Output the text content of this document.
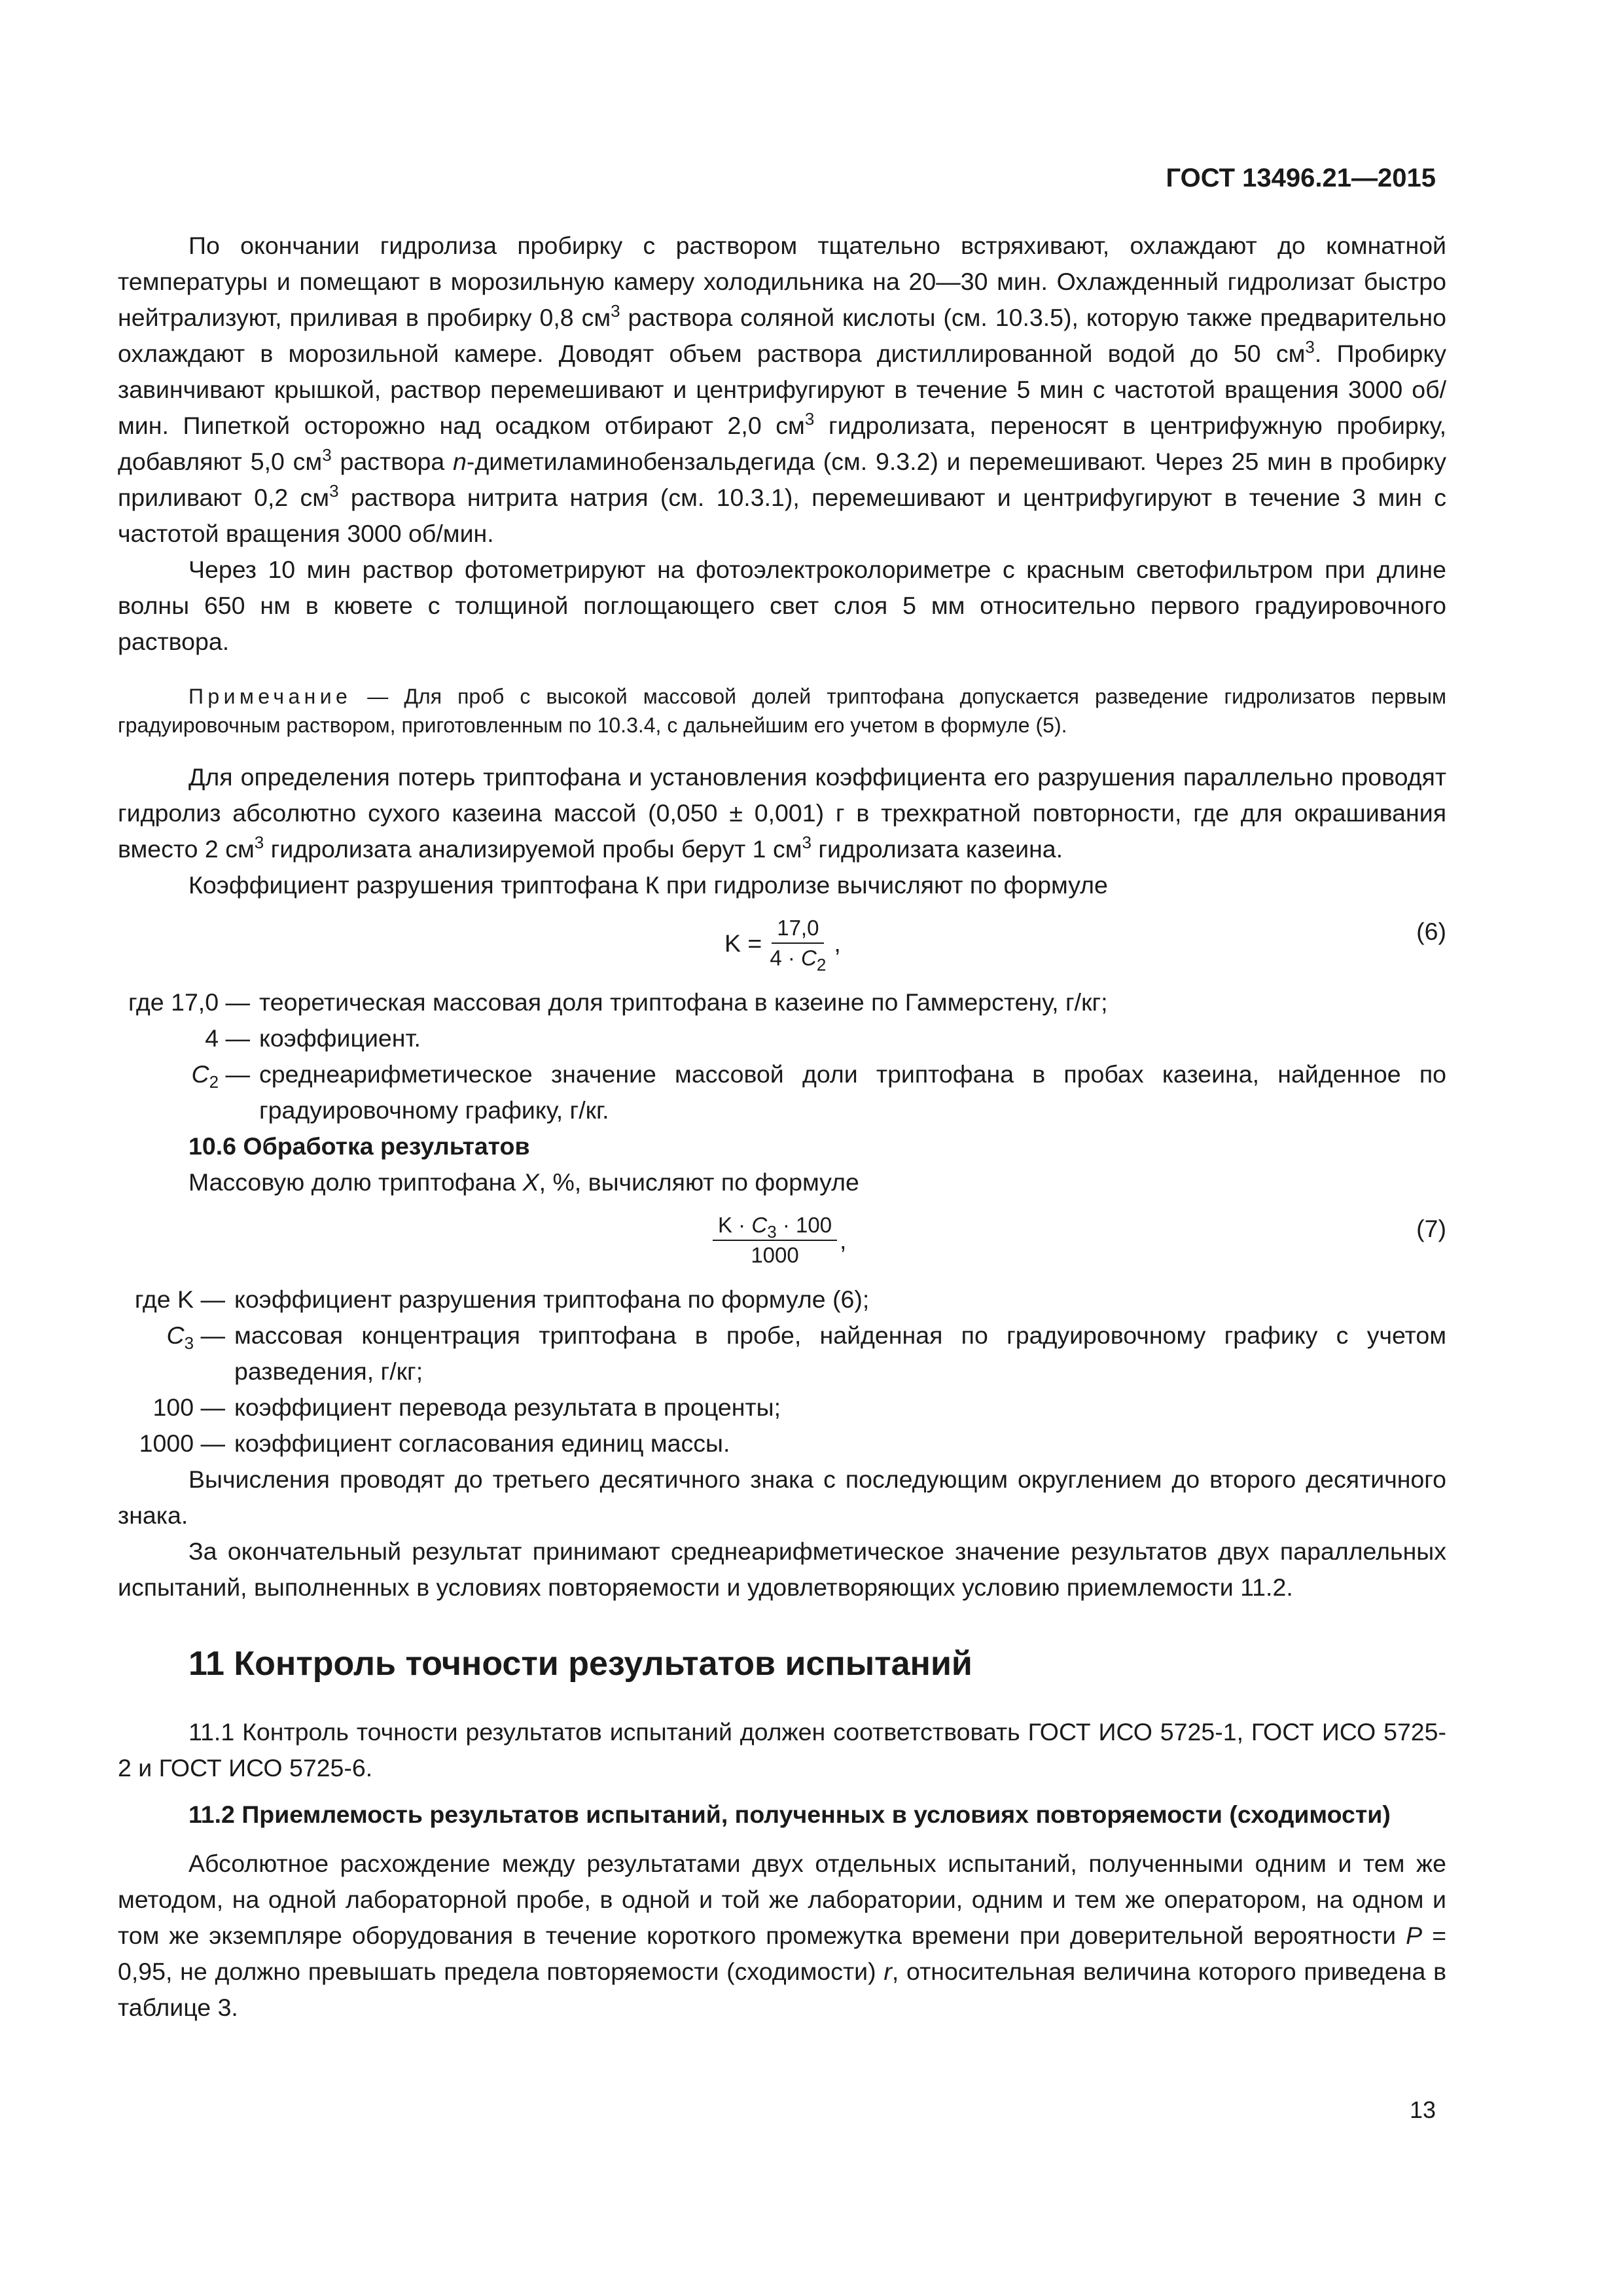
ГОСТ 13496.21—2015

По окончании гидролиза пробирку с раствором тщательно встряхивают, охлаждают до комнатной температуры и помещают в морозильную камеру холодильника на 20—30 мин. Охлажденный гидролизат быстро нейтрализуют, приливая в пробирку 0,8 $см^3$ раствора соляной кислоты (см. 10.3.5), которую также предварительно охлаждают в морозильной камере. Доводят объем раствора дистиллированной водой до 50 $см^3$. Пробирку завинчивают крышкой, раствор перемешивают и центрифугируют в течение 5 мин с частотой вращения 3000 об/мин. Пипеткой осторожно над осадком отбирают 2,0 $см^3$ гидролизата, переносят в центрифужную пробирку, добавляют 5,0 $см^3$ раствора n-диметиламинобензальдегида (см. 9.3.2) и перемешивают. Через 25 мин в пробирку приливают 0,2 $см^3$ раствора нитрита натрия (см. 10.3.1), перемешивают и центрифугируют в течение 3 мин с частотой вращения 3000 об/мин.

Через 10 мин раствор фотометрируют на фотоэлектроколориметре с красным светофильтром при длине волны 650 нм в кювете с толщиной поглощающего свет слоя 5 мм относительно первого градуировочного раствора.

Примечание — Для проб с высокой массовой долей триптофана допускается разведение гидролизатов первым градуировочным раствором, приготовленным по 10.3.4, с дальнейшим его учетом в формуле (5).

Для определения потерь триптофана и установления коэффициента его разрушения параллельно проводят гидролиз абсолютно сухого казеина массой (0,050 ± 0,001) г в трехкратной повторности, где для окрашивания вместо 2 $см^3$ гидролизата анализируемой пробы берут 1 $см^3$ гидролизата казеина.

Коэффициент разрушения триптофана К при гидролизе вычисляют по формуле

$K = \frac{17,0}{4 \cdot C_2}$ ,	(6)
где 17,0 — теоретическая массовая доля триптофана в казеине по Гаммерстену, г/кг;
4 — коэффициент.
$C_2$ — среднеарифметическое значение массовой доли триптофана в пробах казеина, найденное по градуировочному графику, г/кг.

10.6 Обработка результатов

Массовую долю триптофана X, %, вычисляют по формуле

$\frac{K \cdot C_3 \cdot 100}{1000}$ ,	(7)
где K — коэффициент разрушения триптофана по формуле (6);
$C_3$ — массовая концентрация триптофана в пробе, найденная по градуировочному графику с учетом разведения, г/кг;
100 — коэффициент перевода результата в проценты;
1000 — коэффициент согласования единиц массы.

Вычисления проводят до третьего десятичного знака с последующим округлением до второго десятичного знака.

За окончательный результат принимают среднеарифметическое значение результатов двух параллельных испытаний, выполненных в условиях повторяемости и удовлетворяющих условию приемлемости 11.2.

11 Контроль точности результатов испытаний

11.1 Контроль точности результатов испытаний должен соответствовать ГОСТ ИСО 5725-1, ГОСТ ИСО 5725-2 и ГОСТ ИСО 5725-6.

11.2 Приемлемость результатов испытаний, полученных в условиях повторяемости (сходимости)

Абсолютное расхождение между результатами двух отдельных испытаний, полученными одним и тем же методом, на одной лабораторной пробе, в одной и той же лаборатории, одним и тем же оператором, на одном и том же экземпляре оборудования в течение короткого промежутка времени при доверительной вероятности P = 0,95, не должно превышать предела повторяемости (сходимости) r, относительная величина которого приведена в таблице 3.

13
